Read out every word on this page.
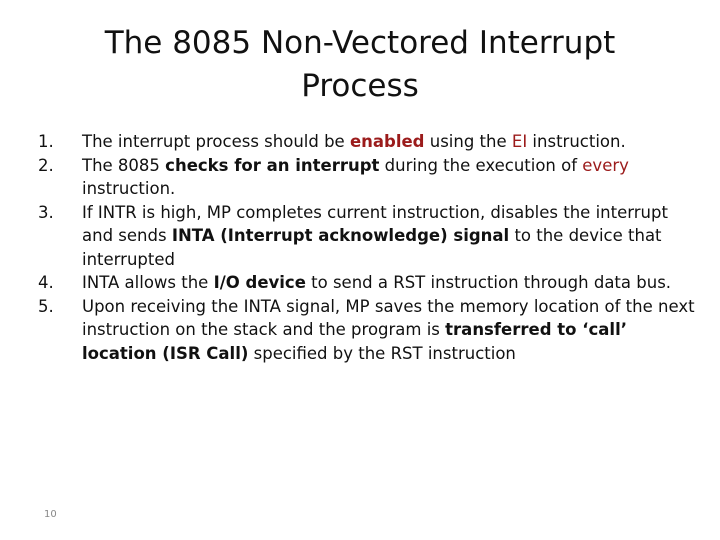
The 8085 Non-Vectored Interrupt
Process
1.	The interrupt process should be enabled using the EI instruction.
2.	The 8085 checks for an interrupt during the execution of every instruction.
3.	If INTR is high, MP completes current instruction, disables the interrupt and sends INTA (Interrupt acknowledge) signal to the device that interrupted
4.	INTA allows the I/O device to send a RST instruction through data bus.
5.	Upon receiving the INTA signal, MP saves the memory location of the next instruction on the stack and the program is transferred to ‘call’ location (ISR Call) specified by the RST instruction
10
